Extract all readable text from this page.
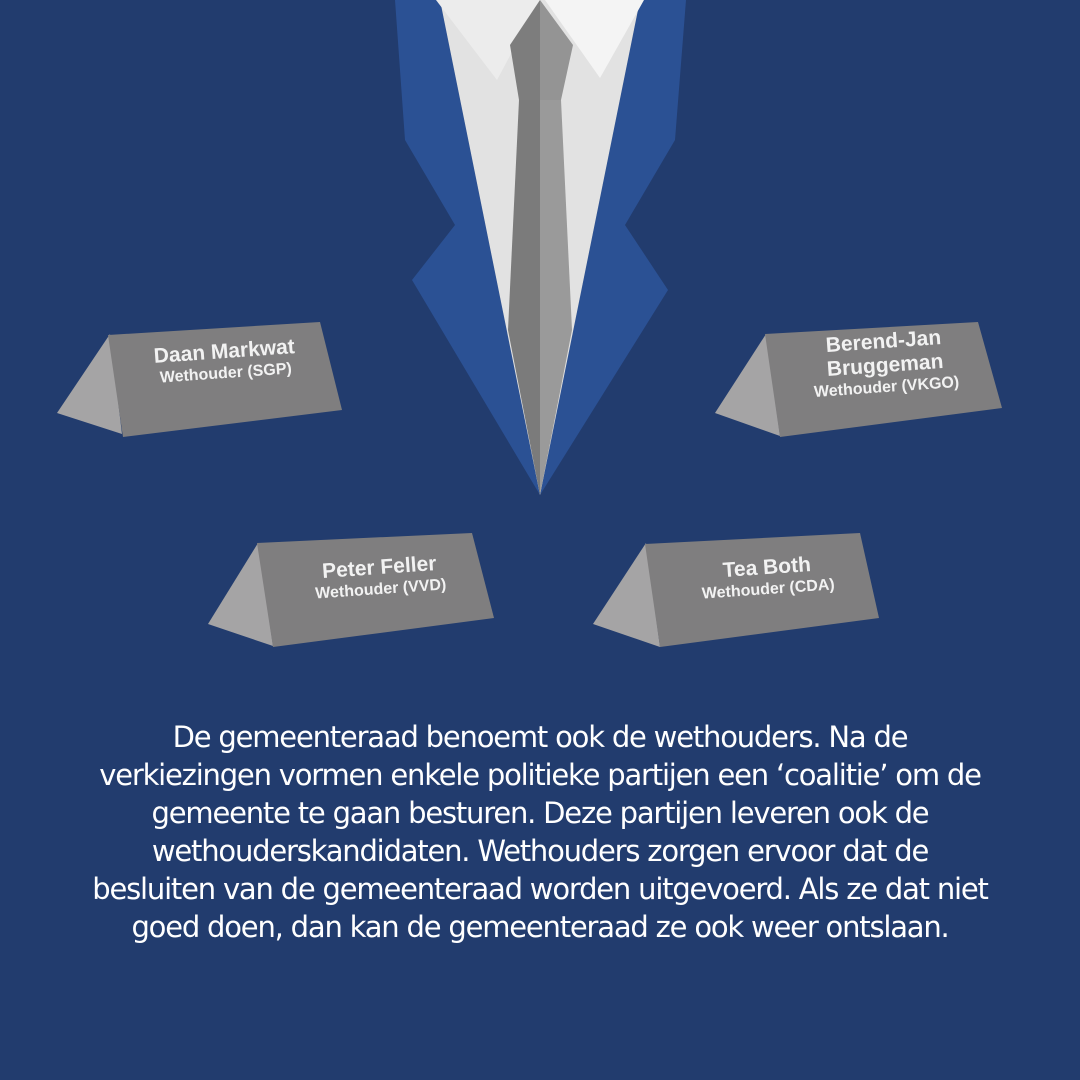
Daan Markwat
Wethouder (SGP)
Berend-Jan Bruggeman
Wethouder (VKGO)
Peter Feller
Wethouder (VVD)
Tea Both
Wethouder (CDA)

De gemeenteraad benoemt ook de wethouders. Na de verkiezingen vormen enkele politieke partijen een ‘coalitie’ om de gemeente te gaan besturen. Deze partijen leveren ook de wethouderskandidaten. Wethouders zorgen ervoor dat de besluiten van de gemeenteraad worden uitgevoerd. Als ze dat niet goed doen, dan kan de gemeenteraad ze ook weer ontslaan.
